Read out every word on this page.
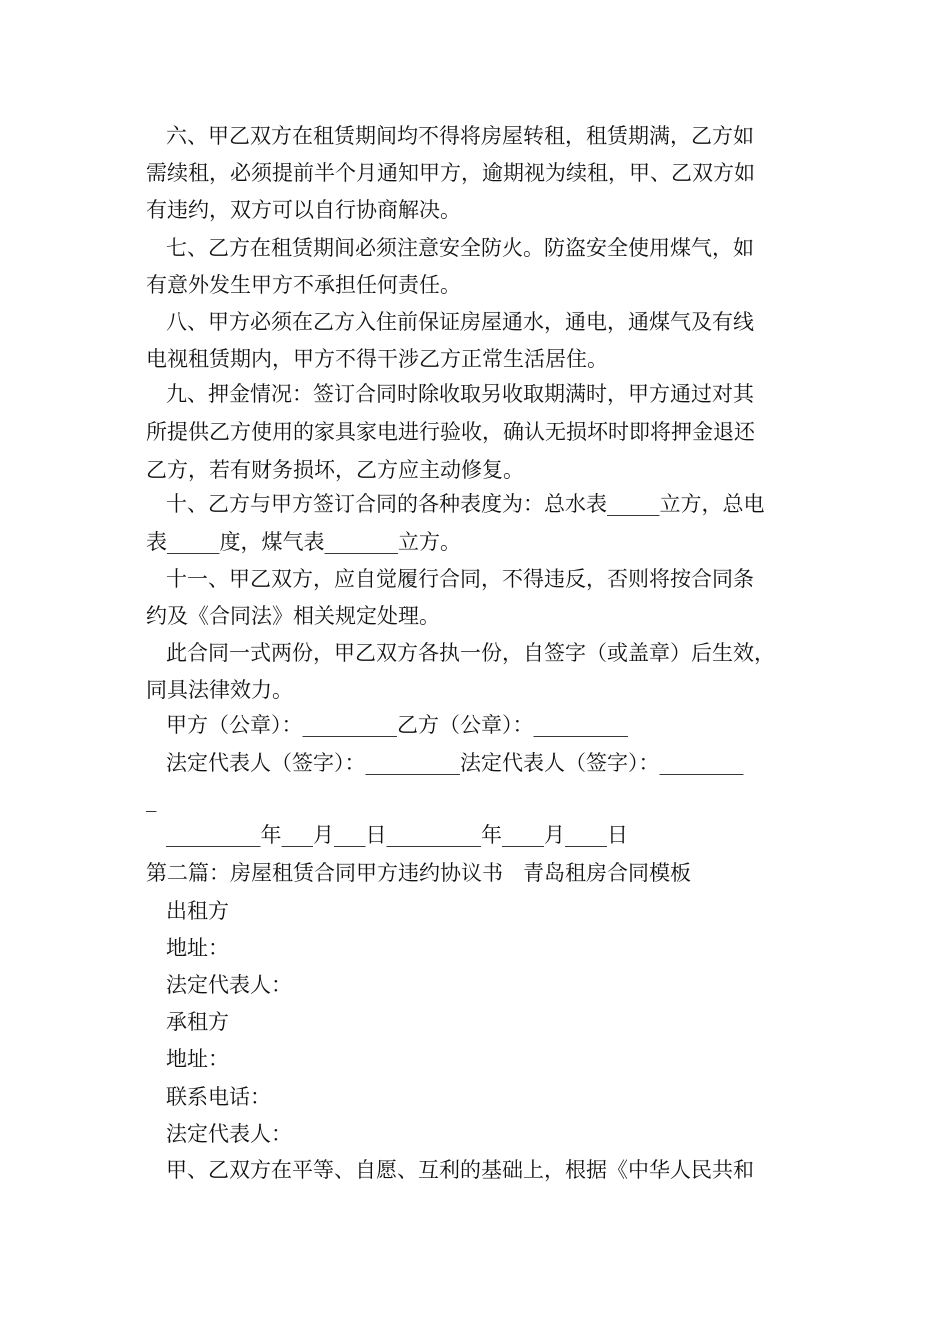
六、甲乙双方在租赁期间均不得将房屋转租，租赁期满，乙方如
需续租，必须提前半个月通知甲方，逾期视为续租，甲、乙双方如
有违约，双方可以自行协商解决。
七、乙方在租赁期间必须注意安全防火。防盗安全使用煤气，如
有意外发生甲方不承担任何责任。
八、甲方必须在乙方入住前保证房屋通水，通电，通煤气及有线
电视租赁期内，甲方不得干涉乙方正常生活居住。
九、押金情况：签订合同时除收取另收取期满时，甲方通过对其
所提供乙方使用的家具家电进行验收，确认无损坏时即将押金退还
乙方，若有财务损坏，乙方应主动修复。
十、乙方与甲方签订合同的各种表度为：总水表_____立方，总电
表_____度，煤气表_______立方。
十一、甲乙双方，应自觉履行合同，不得违反，否则将按合同条
约及《合同法》相关规定处理。
此合同一式两份，甲乙双方各执一份，自签字（或盖章）后生效，
同具法律效力。
甲方（公章）：_________乙方（公章）：_________
法定代表人（签字）：_________法定代表人（签字）：________
_
_________年___月___日_________年____月____日
第二篇：房屋租赁合同甲方违约协议书   青岛租房合同模板
出租方
地址：
法定代表人：
承租方
地址：
联系电话：
法定代表人：
甲、乙双方在平等、自愿、互利的基础上，根据《中华人民共和
